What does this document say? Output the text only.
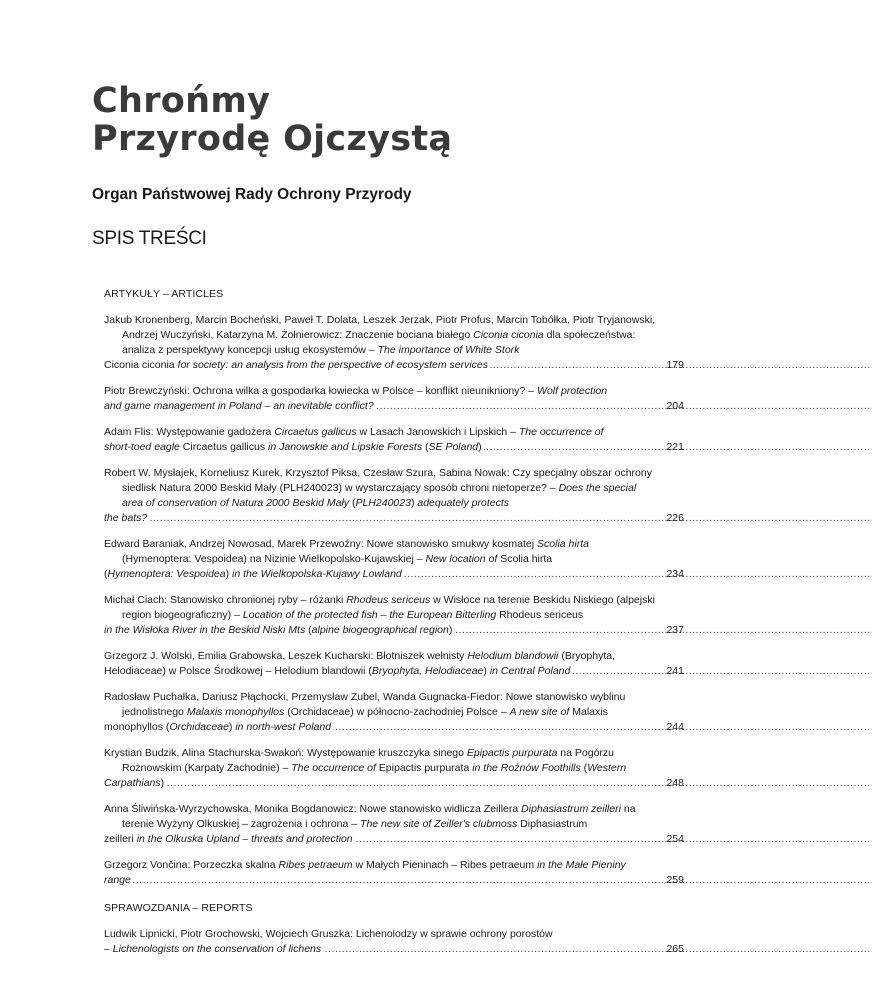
Chrońmy
Przyrodę Ojczystą

Organ Państwowej Rady Ochrony Przyrody

SPIS TREŚCI

ARTYKUŁY – ARTICLES

Jakub Kronenberg, Marcin Bocheński, Paweł T. Dolata, Leszek Jerzak, Piotr Profus, Marcin Tobółka, Piotr Tryjanowski, Andrzej Wuczyński, Katarzyna M. Żołnierowicz: Znaczenie bociana białego Ciconia ciconia dla społeczeństwa: analiza z perspektywy koncepcji usług ekosystemów – The importance of White Stork
Ciconia ciconia for society: an analysis from the perspective of ecosystem services . . .	179
Piotr Brewczyński: Ochrona wilka a gospodarka łowiecka w Polsce – konflikt nieunikniony? – Wolf protection
and game management in Poland – an inevitable conflict? . . .	204
Adam Flis: Występowanie gadożera Circaetus gallicus w Lasach Janowskich i Lipskich – The occurrence of
short-toed eagle Circaetus gallicus in Janowskie and Lipskie Forests (SE Poland) . . .	221
Robert W. Mysłajek, Korneliusz Kurek, Krzysztof Piksa, Czesław Szura, Sabina Nowak: Czy specjalny obszar ochrony siedlisk Natura 2000 Beskid Mały (PLH240023) w wystarczający sposób chroni nietoperze? – Does the special area of conservation of Natura 2000 Beskid Mały (PLH240023) adequately protects
the bats? . . .	226
Edward Baraniak, Andrzej Nowosad, Marek Przewoźny: Nowe stanowisko smukwy kosmatej Scolia hirta (Hymenoptera: Vespoidea) na Nizinie Wielkopolsko-Kujawskiej – New location of Scolia hirta
(Hymenoptera: Vespoidea) in the Wielkopolska-Kujawy Lowland . . .	234
Michał Ciach: Stanowisko chronionej ryby – różanki Rhodeus sericeus w Wisłoce na terenie Beskidu Niskiego (alpejski region biogeograficzny) – Location of the protected fish – the European Bitterling Rhodeus sericeus
in the Wisłoka River in the Beskid Niski Mts (alpine biogeographical region) . . .	237
Grzegorz J. Wolski, Emilia Grabowska, Leszek Kucharski: Błotniszek wełnisty Helodium blandowii (Bryophyta,
Helodiaceae) w Polsce Środkowej – Helodium blandowii (Bryophyta, Helodiaceae) in Central Poland . . .	241
Radosław Puchałka, Dariusz Płąchocki, Przemysław Zubel, Wanda Gugnacka-Fiedor: Nowe stanowisko wyblinu jednolistnego Malaxis monophyllos (Orchidaceae) w północno-zachodniej Polsce – A new site of Malaxis
monophyllos (Orchidaceae) in north-west Poland . . .	244
Krystian Budzik, Alina Stachurska-Swakoń: Występowanie kruszczyka sinego Epipactis purpurata na Pogórzu Rożnowskim (Karpaty Zachodnie) – The occurrence of Epipactis purpurata in the Rożnów Foothills (Western
Carpathians) . . .	248
Anna Śliwińska-Wyrzychowska, Monika Bogdanowicz: Nowe stanowisko widlicza Zeillera Diphasiastrum zeilleri na terenie Wyżyny Olkuskiej – zagrożenia i ochrona – The new site of Zeiller's clubmoss Diphasiastrum
zeilleri in the Olkuska Upland – threats and protection . . .	254
Grzegorz Vončina: Porzeczka skalna Ribes petraeum w Małych Pieninach – Ribes petraeum in the Małe Pieniny
range . . .	259

SPRAWOZDANIA – REPORTS

Ludwik Lipnicki, Piotr Grochowski, Wojciech Gruszka: Lichenolodzy w sprawie ochrony porostów
– Lichenologists on the conservation of lichens . . .	265
